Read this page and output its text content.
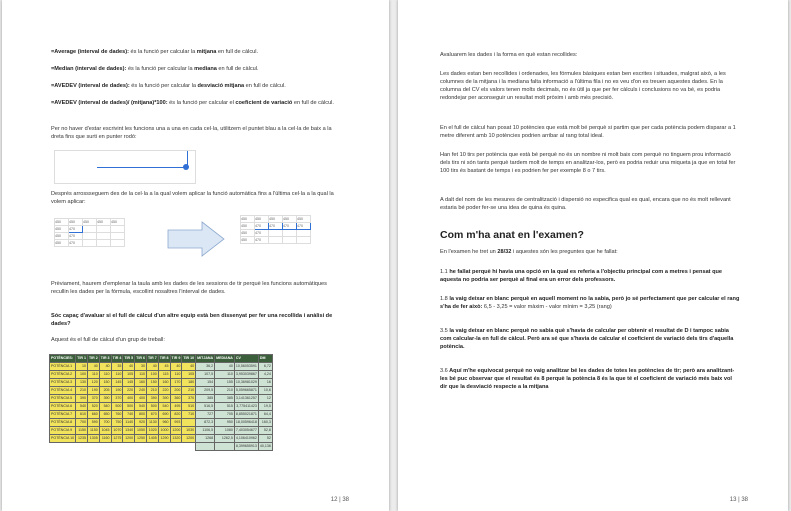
=Average (interval de dades): és la funció per calcular la mitjana en full de càlcul.
=Median (interval de dades): és la funció per calcular la mediana en full de càlcul.
=AVEDEV (interval de dades): és la funció per calcular la desviació mitjana en full de càlcul.
=AVEDEV (interval de dades)/ (mitjana)*100: és la funció per calcular el coeficient de variació en full de càlcul.
Per no haver d'estar escrivint les funcions una a una en cada cel·la, utilitzem el puntet blau a la cel·la de baix a la dreta fins que surti en punter rodó:
Després arrossseguem des de la cel·la a la qual volem aplicar la funció automàtica fins a l'última cel·la a la qual la volem aplicar:
450	450	450	450	450
450	470			
450	470			
450	470			
450	450	450	450	450
450	470	470	470	470
450	470			
450	470			
Prèviament, haurem d'emplenar la taula amb les dades de les sessions de tir perquè les funcions automàtiques recullin les dades per la fórmula, escollint nosaltres l'interval de dades.
Sóc capaç d'avaluar si el full de càlcul d'un altre equip està ben dissenyat per fer una recollida i anàlisi de dades?
Aquest és el full de càlcul d'un grup de treball:
POTÈNCIES:	TIR 1	TIR 2	TIR 3	TIR 4	TIR 5	TIR 6	TIR 7	TIR 8	TIR 9	TIR 10	MITJANA	MEDIANA	CV	DM
POTÈNCIA 1	10	40	40	35	40	30	40	45	40	40	36,2	40	10,56053591	6,72
POTÈNCIA 2	100	110	110	110	105	110	100	115	110	105	107,5	110	3,953039867	4,24
POTÈNCIA 3	130	120	150	145	145	160	150	160	170	180	154	155	10,36981029	16
POTÈNCIA 4	210	190	205	190	220	240	210	220	200	210	209,5	210	5,059665871	10,6
POTÈNCIA 5	390	370	390	370	400	400	390	390	360	370	385	385	3,141361257	12
POTÈNCIA 6	540	520	540	500	500	540	500	540	495	510	516,5	515	3,775411423	19,5
POTÈNCIA 7	610	660	650	760	740	800	670	690	820	710	727	705	8,855021871	64,4
POTÈNCIA 8	700	590	700	750	1140	920	1130	960	993		872,3	950	18,00596418	160,3
POTÈNCIA 9	1150	1150	1045	1070	1340	1050	1020	1000	1200	1030	1106,5	1080	7,403054677	52,8
POTÈNCIA 10	1235	1305	1160	1275	1200	1250	1405	1290	1320	1200	1268	1262,5	4,106410962	52
													8,399655913	40,136
12 | 38
Avaluarem les dades i la forma en què estan recollides:
Les dades estan ben recollides i ordenades, les fórmules bàsiques estan ben escrites i situades, malgrat això, a les columnes de la mitjana i la mediana falta informació a l'última fila i no es veu d'on es treuen aquestes dades. En la columna del CV els valors tenen molts decimals, no és útil ja que per fer càlculs i conclusions no va bé, es podria redondejar per aconseguir un resultat molt pròxim i amb més precisió.
En el full de càlcul han posat 10 potències que està molt bé perquè si partim que per cada potència podem disparar a 1 metre diferent amb 10 potències podrien arribar al rang total ideal.
Han fet 10 tirs per potència que està bé perquè no és un nombre ni molt baix com perquè no tinguem prou informació dels tirs ni són tants perquè tardem molt de temps en analitzar-los, però es podria reduir una miqueta ja que en total fer 100 tirs és bastant de temps i es podrien fer per exemple 8 o 7 tirs.
A dalt del nom de les mesures de centralització i dispersió no especifica qual es qual, encara que no és molt rellevant estaria bé poder fer-se una idea de quina és quina.
Com m'ha anat en l'examen?
En l'examen he tret un 28/32 i aquestes són les preguntes que he fallat:
1.1 he fallat perquè hi havia una opció en la qual es referia a l'objectiu principal com a metres i pensat que aquesta no podria ser perquè al final era un error dels professors.
1.8 la vaig deixar en blanc perquè en aquell moment no la sabia, però jo sé perfectament que per calcular el rang s'ha de fer això: 6,5 - 3,25 = valor màxim - valor mínim = 3,25 (rang)
3.5 la vaig deixar en blanc perquè no sabia què s'havia de calcular per obtenir el resultat de D i tampoc sabia com calcular-la en full de càlcul. Però ara sé que s'havia de calcular el coeficient de variació dels tirs d'aquella potència.
3.6 Aquí m'he equivocat perquè no vaig analitzar bé les dades de totes les potències de tir; però ara analitzant-les bé puc observar que el resultat és 8 perquè la potència 8 és la que té el coeficient de variació més baix vol dir que la desviació respecte a la mitjana
13 | 38
